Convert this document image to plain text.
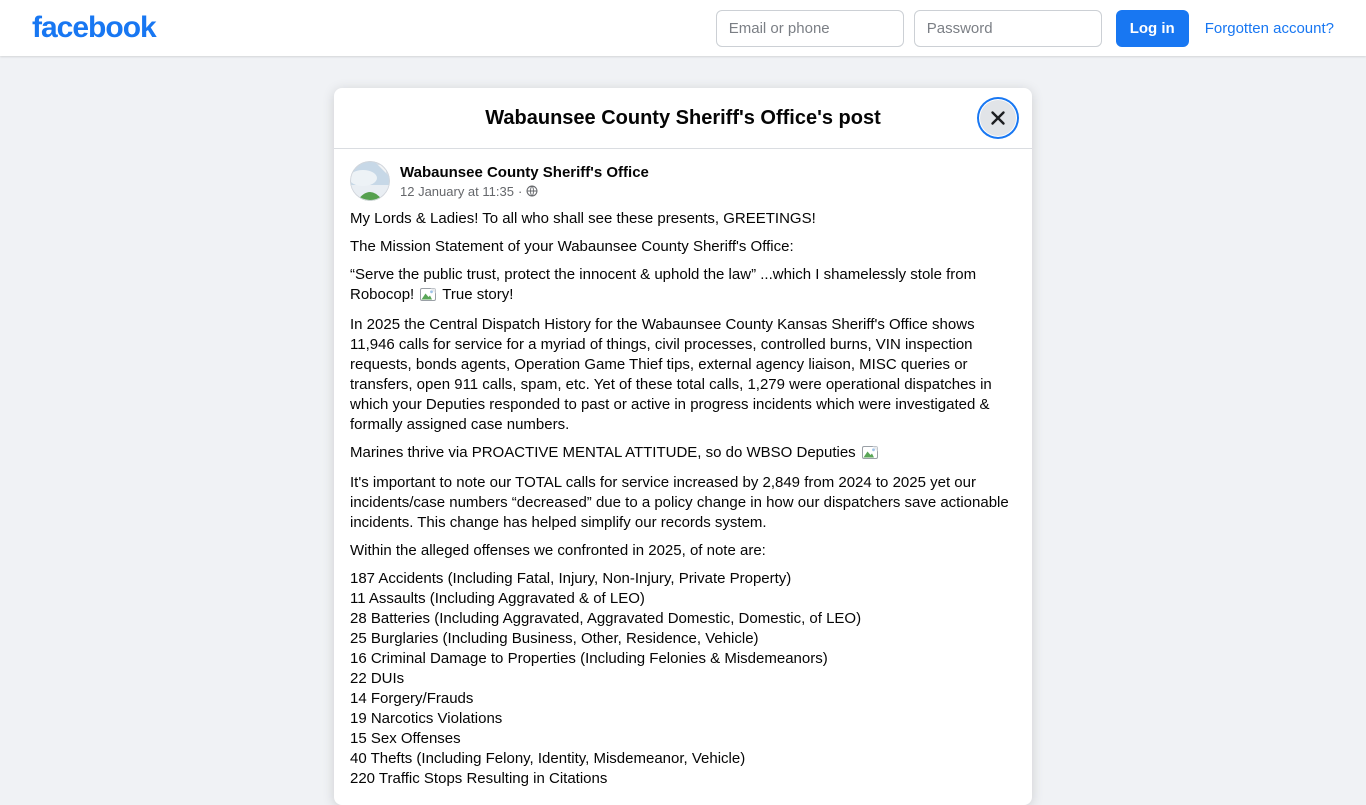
facebook
Email or phone	Log in	Forgotten account?
Wabaunsee County Sheriff's Office's post
Wabaunsee County Sheriff's Office
12 January at 11:35 ·

My Lords & Ladies! To all who shall see these presents, GREETINGS!

The Mission Statement of your Wabaunsee County Sheriff's Office:

“Serve the public trust, protect the innocent & uphold the law” ...which I shamelessly stole from Robocop! True story!

In 2025 the Central Dispatch History for the Wabaunsee County Kansas Sheriff's Office shows 11,946 calls for service for a myriad of things, civil processes, controlled burns, VIN inspection requests, bonds agents, Operation Game Thief tips, external agency liaison, MISC queries or transfers, open 911 calls, spam, etc. Yet of these total calls, 1,279 were operational dispatches in which your Deputies responded to past or active in progress incidents which were investigated & formally assigned case numbers.

Marines thrive via PROACTIVE MENTAL ATTITUDE, so do WBSO Deputies

It's important to note our TOTAL calls for service increased by 2,849 from 2024 to 2025 yet our incidents/case numbers “decreased” due to a policy change in how our dispatchers save actionable incidents. This change has helped simplify our records system.

Within the alleged offenses we confronted in 2025, of note are:

187 Accidents (Including Fatal, Injury, Non-Injury, Private Property)
11 Assaults (Including Aggravated & of LEO)
28 Batteries (Including Aggravated, Aggravated Domestic, Domestic, of LEO)
25 Burglaries (Including Business, Other, Residence, Vehicle)
16 Criminal Damage to Properties (Including Felonies & Misdemeanors)
22 DUIs
14 Forgery/Frauds
19 Narcotics Violations
15 Sex Offenses
40 Thefts (Including Felony, Identity, Misdemeanor, Vehicle)
220 Traffic Stops Resulting in Citations
